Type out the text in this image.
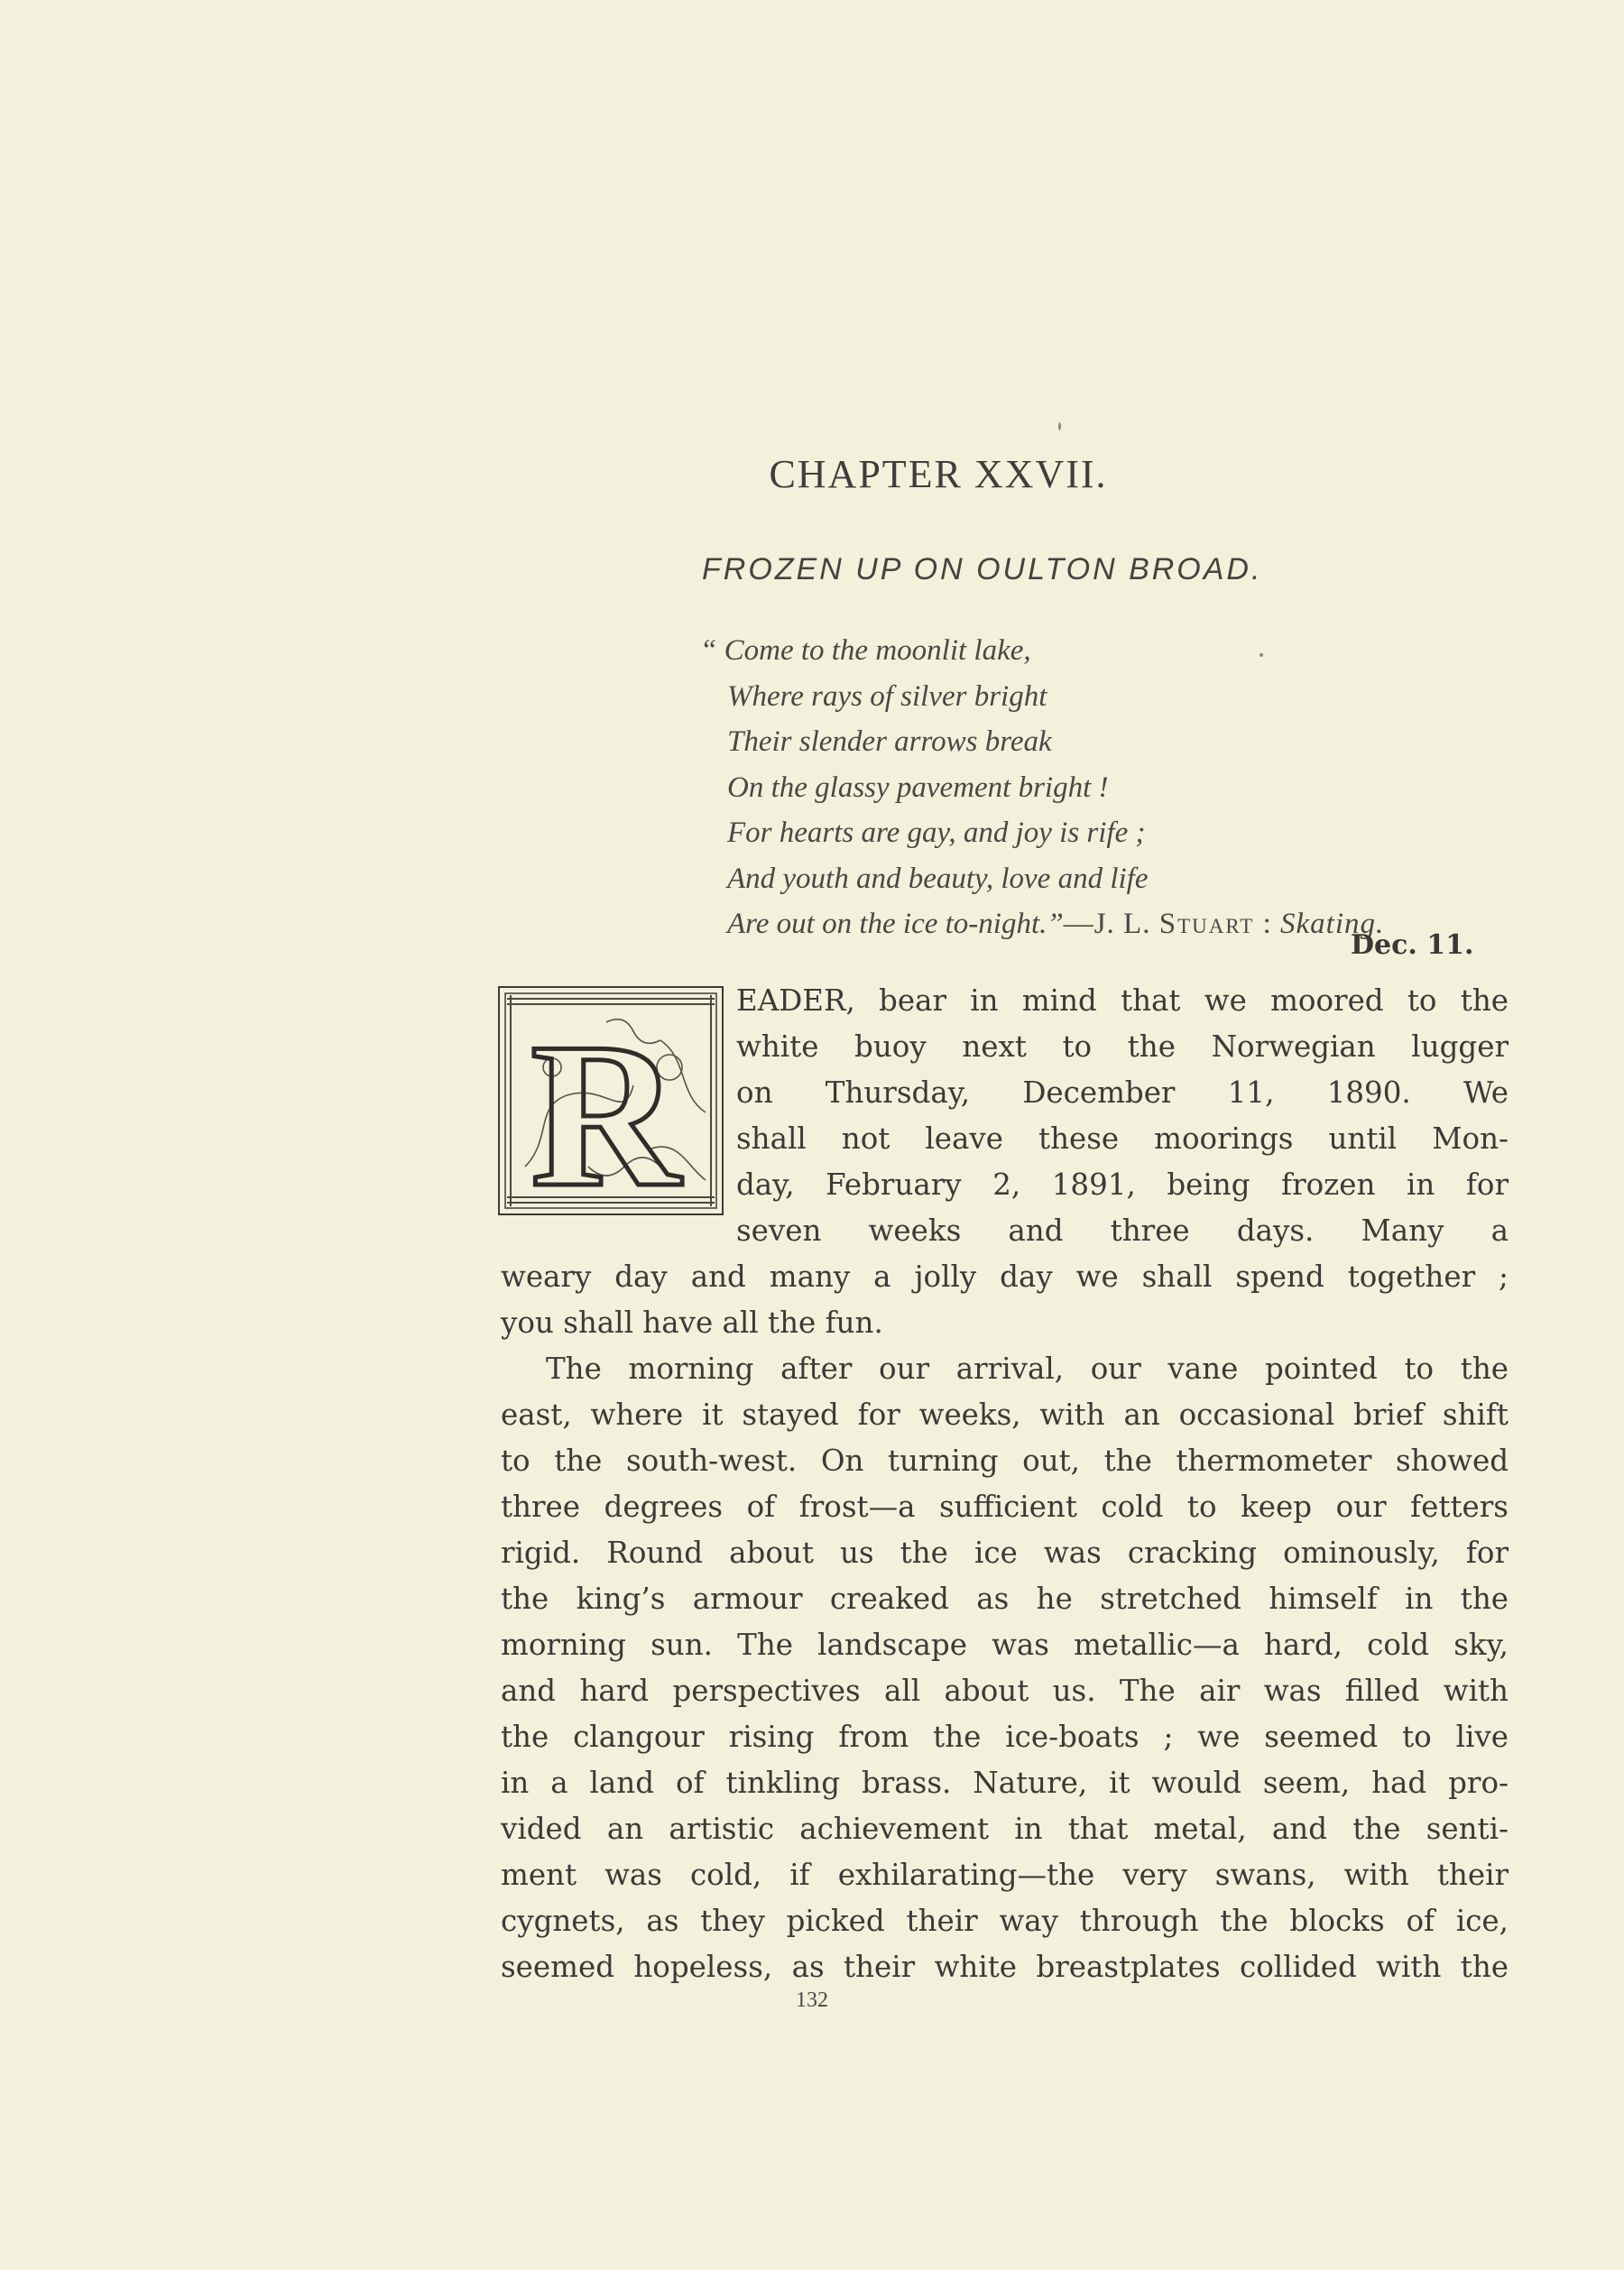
CHAPTER XXVII.
FROZEN UP ON OULTON BROAD.
“ Come to the moonlit lake,
Where rays of silver bright
Their slender arrows break
On the glassy pavement bright !
For hearts are gay, and joy is rife ;
And youth and beauty, love and life
Are out on the ice to-night.”—J. L. Stuart : Skating.
Dec. 11.
R EADER, bear in mind that we moored to the
white buoy next to the Norwegian lugger
on Thursday, December 11, 1890. We
shall not leave these moorings until Mon-
day, February 2, 1891, being frozen in for
seven weeks and three days. Many a
weary day and many a jolly day we shall spend together ;
you shall have all the fun.
The morning after our arrival, our vane pointed to the
east, where it stayed for weeks, with an occasional brief shift
to the south-west. On turning out, the thermometer showed
three degrees of frost—a sufficient cold to keep our fetters
rigid. Round about us the ice was cracking ominously, for
the king’s armour creaked as he stretched himself in the
morning sun. The landscape was metallic—a hard, cold sky,
and hard perspectives all about us. The air was filled with
the clangour rising from the ice-boats ; we seemed to live
in a land of tinkling brass. Nature, it would seem, had pro-
vided an artistic achievement in that metal, and the senti-
ment was cold, if exhilarating—the very swans, with their
cygnets, as they picked their way through the blocks of ice,
seemed hopeless, as their white breastplates collided with the
132
